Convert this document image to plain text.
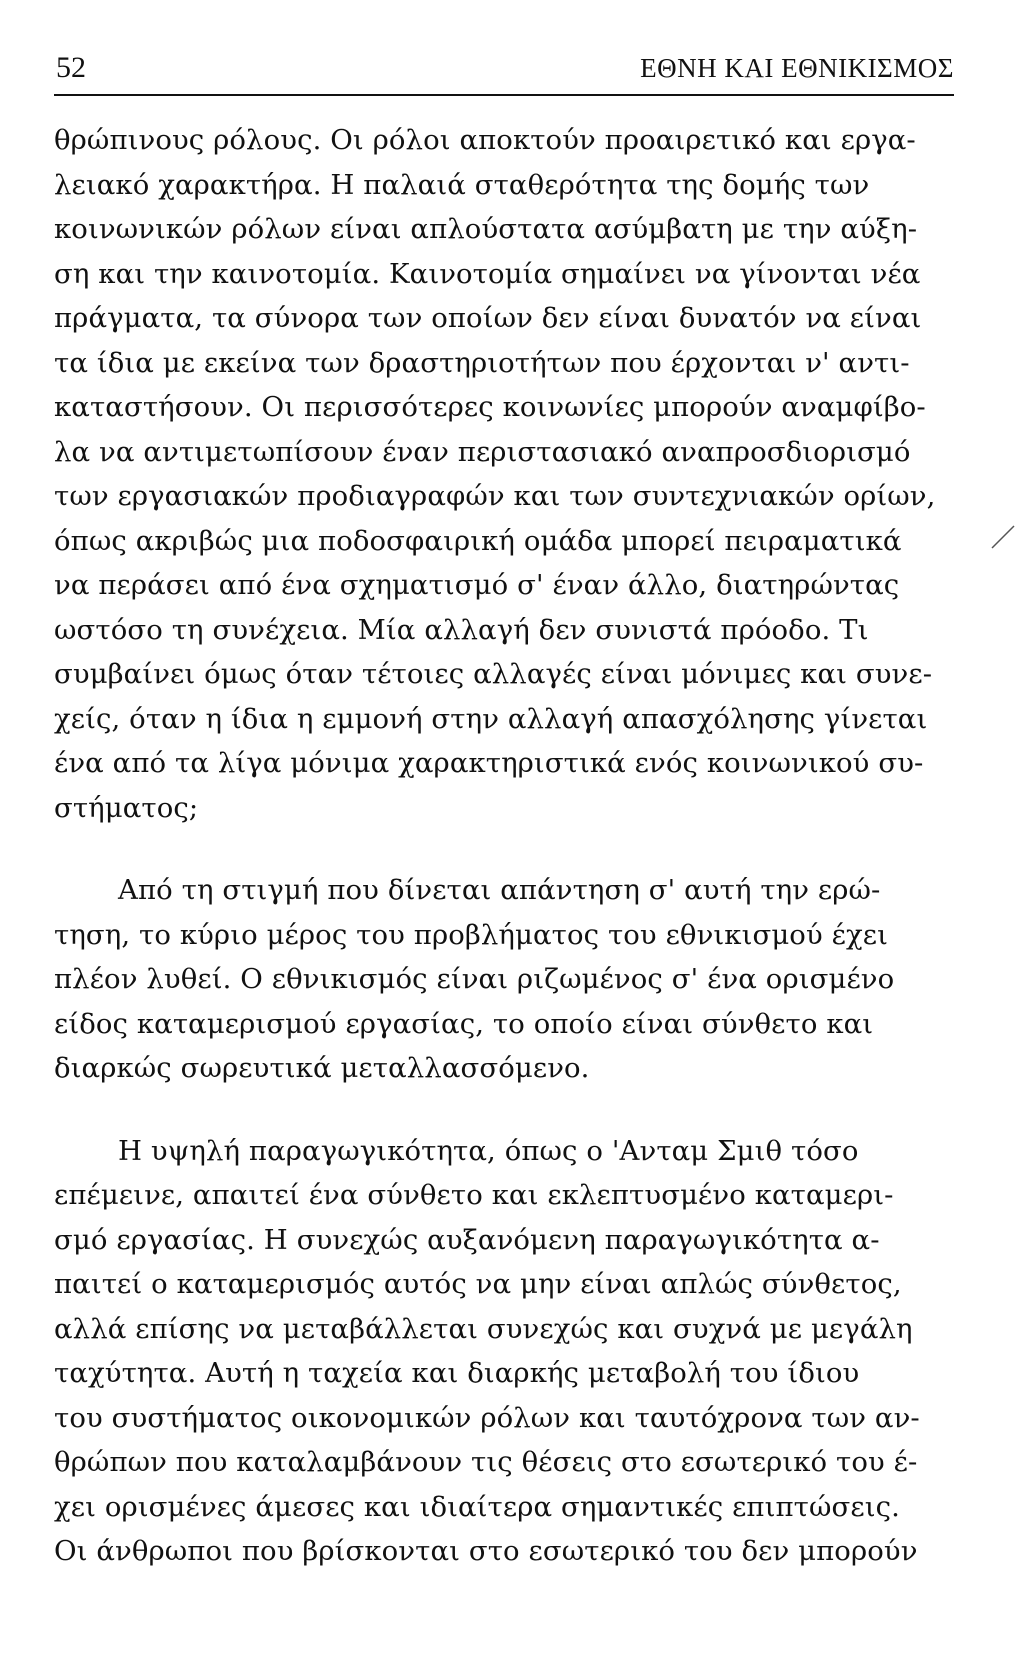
52	ΕΘΝΗ ΚΑΙ ΕΘΝΙΚΙΣΜΟΣ
θρώπινους ρόλους. Οι ρόλοι αποκτούν προαιρετικό και εργα-
λειακό χαρακτήρα. Η παλαιά σταθερότητα της δομής των
κοινωνικών ρόλων είναι απλούστατα ασύμβατη με την αύξη-
ση και την καινοτομία. Καινοτομία σημαίνει να γίνονται νέα
πράγματα, τα σύνορα των οποίων δεν είναι δυνατόν να είναι
τα ίδια με εκείνα των δραστηριοτήτων που έρχονται ν' αντι-
καταστήσουν. Οι περισσότερες κοινωνίες μπορούν αναμφίβο-
λα να αντιμετωπίσουν έναν περιστασιακό αναπροσδιορισμό
των εργασιακών προδιαγραφών και των συντεχνιακών ορίων,
όπως ακριβώς μια ποδοσφαιρική ομάδα μπορεί πειραματικά
να περάσει από ένα σχηματισμό σ' έναν άλλο, διατηρώντας
ωστόσο τη συνέχεια. Μία αλλαγή δεν συνιστά πρόοδο. Τι
συμβαίνει όμως όταν τέτοιες αλλαγές είναι μόνιμες και συνε-
χείς, όταν η ίδια η εμμονή στην αλλαγή απασχόλησης γίνεται
ένα από τα λίγα μόνιμα χαρακτηριστικά ενός κοινωνικού συ-
στήματος;
Από τη στιγμή που δίνεται απάντηση σ' αυτή την ερώ-
τηση, το κύριο μέρος του προβλήματος του εθνικισμού έχει
πλέον λυθεί. Ο εθνικισμός είναι ριζωμένος σ' ένα ορισμένο
είδος καταμερισμού εργασίας, το οποίο είναι σύνθετο και
διαρκώς σωρευτικά μεταλλασσόμενο.
Η υψηλή παραγωγικότητα, όπως ο 'Ανταμ Σμιθ τόσο
επέμεινε, απαιτεί ένα σύνθετο και εκλεπτυσμένο καταμερι-
σμό εργασίας. Η συνεχώς αυξανόμενη παραγωγικότητα α-
παιτεί ο καταμερισμός αυτός να μην είναι απλώς σύνθετος,
αλλά επίσης να μεταβάλλεται συνεχώς και συχνά με μεγάλη
ταχύτητα. Αυτή η ταχεία και διαρκής μεταβολή του ίδιου
του συστήματος οικονομικών ρόλων και ταυτόχρονα των αν-
θρώπων που καταλαμβάνουν τις θέσεις στο εσωτερικό του έ-
χει ορισμένες άμεσες και ιδιαίτερα σημαντικές επιπτώσεις.
Οι άνθρωποι που βρίσκονται στο εσωτερικό του δεν μπορούν
